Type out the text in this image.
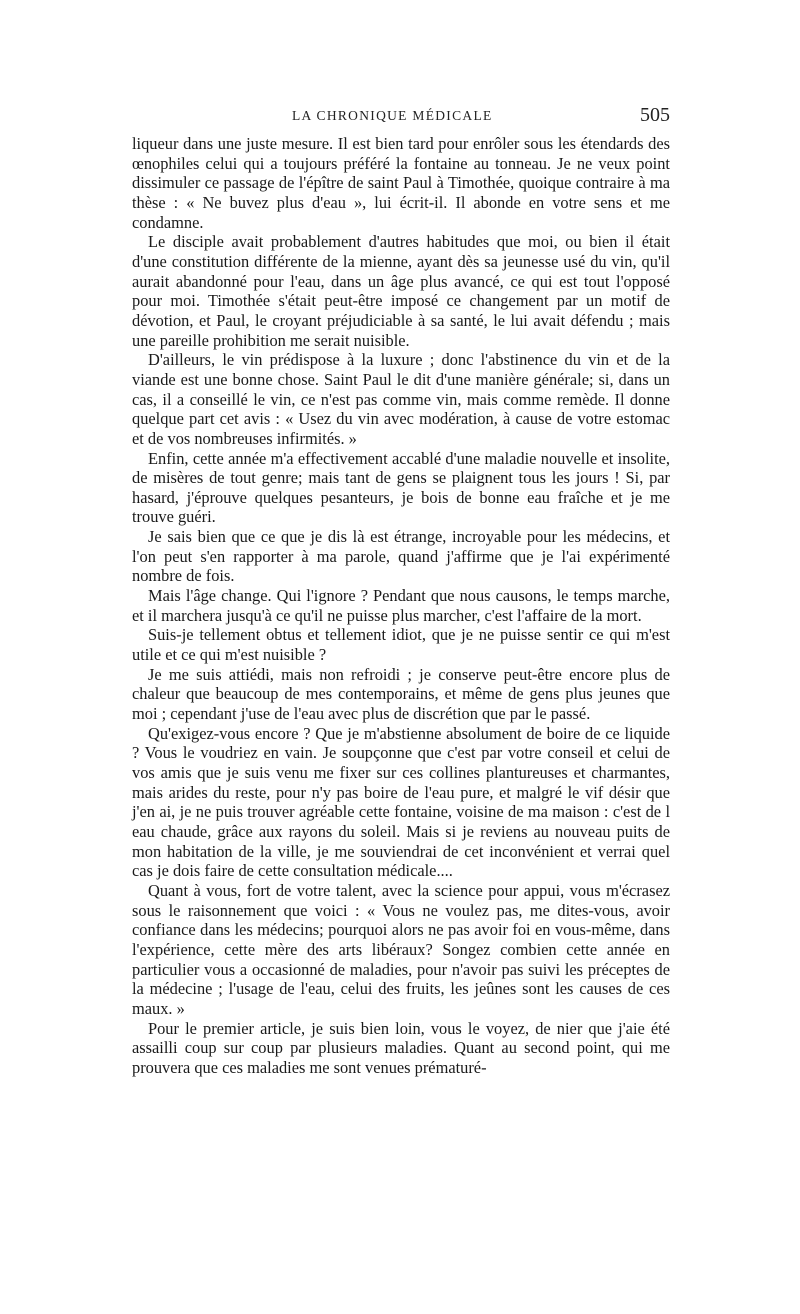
LA CHRONIQUE MÉDICALE	505

liqueur dans une juste mesure. Il est bien tard pour enrôler sous les étendards des œnophiles celui qui a toujours préféré la fontaine au tonneau. Je ne veux point dissimuler ce passage de l'épître de saint Paul à Timothée, quoique contraire à ma thèse : « Ne buvez plus d'eau », lui écrit-il. Il abonde en votre sens et me condamne.

Le disciple avait probablement d'autres habitudes que moi, ou bien il était d'une constitution différente de la mienne, ayant dès sa jeunesse usé du vin, qu'il aurait abandonné pour l'eau, dans un âge plus avancé, ce qui est tout l'opposé pour moi. Timothée s'était peut-être imposé ce changement par un motif de dévotion, et Paul, le croyant préjudiciable à sa santé, le lui avait défendu ; mais une pareille prohibition me serait nuisible.

D'ailleurs, le vin prédispose à la luxure ; donc l'abstinence du vin et de la viande est une bonne chose. Saint Paul le dit d'une manière générale; si, dans un cas, il a conseillé le vin, ce n'est pas comme vin, mais comme remède. Il donne quelque part cet avis : « Usez du vin avec modération, à cause de votre estomac et de vos nombreuses infirmités. »

Enfin, cette année m'a effectivement accablé d'une maladie nouvelle et insolite, de misères de tout genre; mais tant de gens se plaignent tous les jours ! Si, par hasard, j'éprouve quelques pesanteurs, je bois de bonne eau fraîche et je me trouve guéri.

Je sais bien que ce que je dis là est étrange, incroyable pour les médecins, et l'on peut s'en rapporter à ma parole, quand j'affirme que je l'ai expérimenté nombre de fois.

Mais l'âge change. Qui l'ignore ? Pendant que nous causons, le temps marche, et il marchera jusqu'à ce qu'il ne puisse plus marcher, c'est l'affaire de la mort.

Suis-je tellement obtus et tellement idiot, que je ne puisse sentir ce qui m'est utile et ce qui m'est nuisible ?

Je me suis attiédi, mais non refroidi ; je conserve peut-être encore plus de chaleur que beaucoup de mes contemporains, et même de gens plus jeunes que moi ; cependant j'use de l'eau avec plus de discrétion que par le passé.

Qu'exigez-vous encore ? Que je m'abstienne absolument de boire de ce liquide ? Vous le voudriez en vain. Je soupçonne que c'est par votre conseil et celui de vos amis que je suis venu me fixer sur ces collines plantureuses et charmantes, mais arides du reste, pour n'y pas boire de l'eau pure, et malgré le vif désir que j'en ai, je ne puis trouver agréable cette fontaine, voisine de ma maison : c'est de l eau chaude, grâce aux rayons du soleil. Mais si je reviens au nouveau puits de mon habitation de la ville, je me souviendrai de cet inconvénient et verrai quel cas je dois faire de cette consultation médicale....

Quant à vous, fort de votre talent, avec la science pour appui, vous m'écrasez sous le raisonnement que voici : « Vous ne voulez pas, me dites-vous, avoir confiance dans les médecins; pourquoi alors ne pas avoir foi en vous-même, dans l'expérience, cette mère des arts libéraux? Songez combien cette année en particulier vous a occasionné de maladies, pour n'avoir pas suivi les préceptes de la médecine ; l'usage de l'eau, celui des fruits, les jeûnes sont les causes de ces maux. »

Pour le premier article, je suis bien loin, vous le voyez, de nier que j'aie été assailli coup sur coup par plusieurs maladies. Quant au second point, qui me prouvera que ces maladies me sont venues prématuré-
